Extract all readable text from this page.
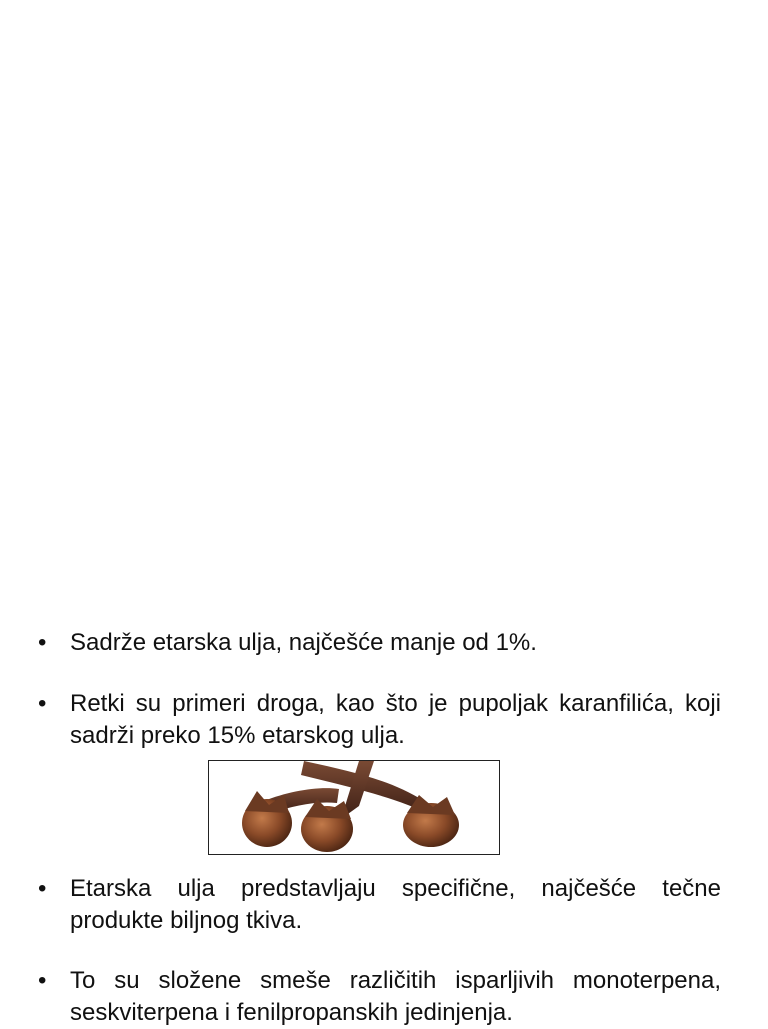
• Sadrže etarska ulja, najčešće manje od 1%.
• Retki su primeri droga, kao što je pupoljak karanfilića, koji sadrži preko 15% etarskog ulja.
• Etarska ulja predstavljaju specifične, najčešće tečne produkte biljnog tkiva.
• To su složene smeše različitih isparljivih monoterpena, seskviterpena i fenilpropanskih jedinjenja.
